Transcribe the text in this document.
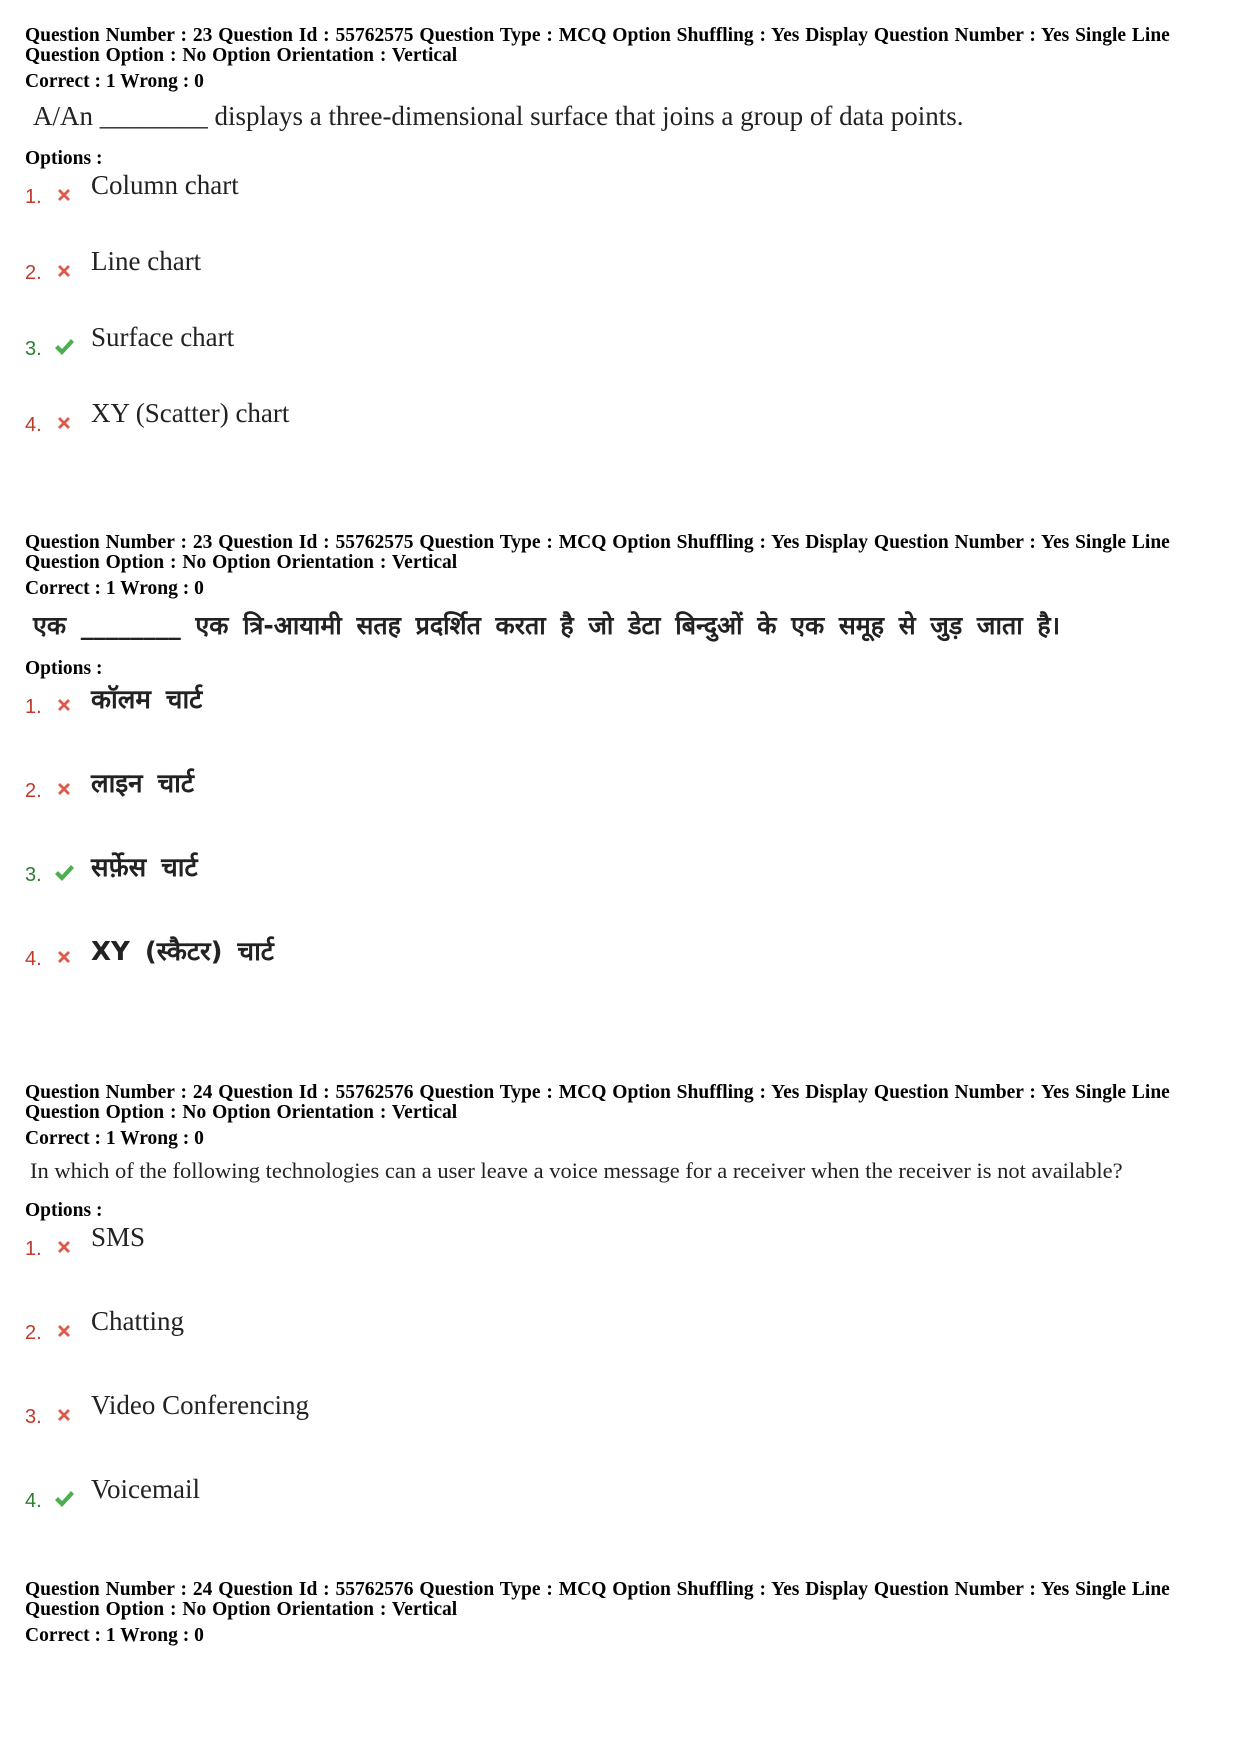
Question Number : 23 Question Id : 55762575 Question Type : MCQ Option Shuffling : Yes Display Question Number : Yes Single Line Question Option : No Option Orientation : Vertical
Correct : 1 Wrong : 0
A/An ________ displays a three-dimensional surface that joins a group of data points.
Options :
1. Column chart
2. Line chart
3. Surface chart
4. XY (Scatter) chart
Question Number : 23 Question Id : 55762575 Question Type : MCQ Option Shuffling : Yes Display Question Number : Yes Single Line Question Option : No Option Orientation : Vertical
Correct : 1 Wrong : 0
एक ________ एक त्रि-आयामी सतह प्रदर्शित करता है जो डेटा बिन्दुओं के एक समूह से जुड़ जाता है।
Options :
1. कॉलम चार्ट
2. लाइन चार्ट
3. सर्फ़ेस चार्ट
4. XY (स्कैटर) चार्ट
Question Number : 24 Question Id : 55762576 Question Type : MCQ Option Shuffling : Yes Display Question Number : Yes Single Line Question Option : No Option Orientation : Vertical
Correct : 1 Wrong : 0
In which of the following technologies can a user leave a voice message for a receiver when the receiver is not available?
Options :
1. SMS
2. Chatting
3. Video Conferencing
4. Voicemail
Question Number : 24 Question Id : 55762576 Question Type : MCQ Option Shuffling : Yes Display Question Number : Yes Single Line Question Option : No Option Orientation : Vertical
Correct : 1 Wrong : 0
